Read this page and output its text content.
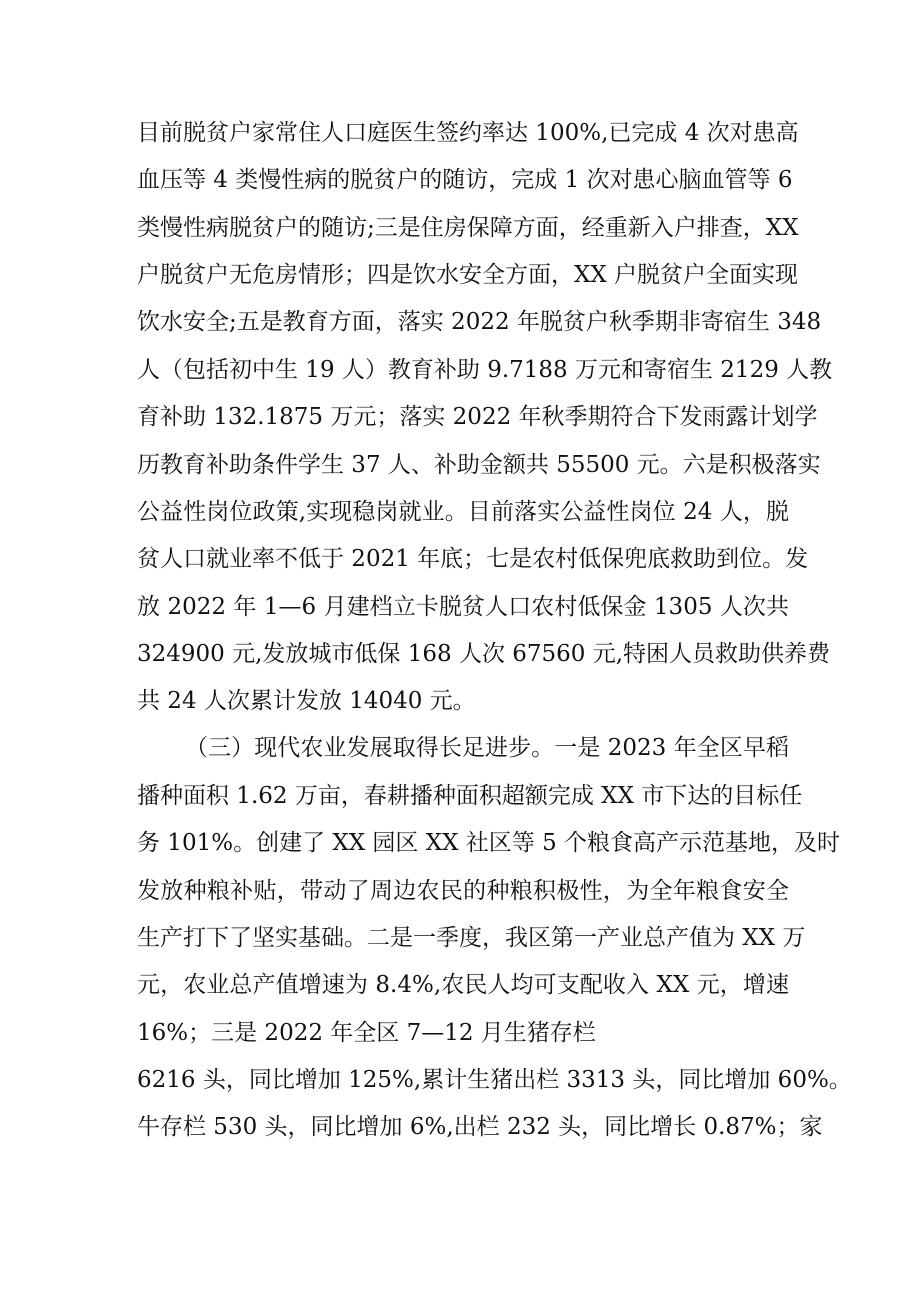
目前脱贫户家常住人口庭医生签约率达 100%,已完成 4 次对患高
血压等 4 类慢性病的脱贫户的随访，完成 1 次对患心脑血管等 6
类慢性病脱贫户的随访;三是住房保障方面，经重新入户排查，XX
户脱贫户无危房情形；四是饮水安全方面，XX 户脱贫户全面实现
饮水安全;五是教育方面，落实 2022 年脱贫户秋季期非寄宿生 348
人（包括初中生 19 人）教育补助 9.7188 万元和寄宿生 2129 人教
育补助 132.1875 万元；落实 2022 年秋季期符合下发雨露计划学
历教育补助条件学生 37 人、补助金额共 55500 元。六是积极落实
公益性岗位政策,实现稳岗就业。目前落实公益性岗位 24 人，脱
贫人口就业率不低于 2021 年底；七是农村低保兜底救助到位。发
放 2022 年 1—6 月建档立卡脱贫人口农村低保金 1305 人次共
324900 元,发放城市低保 168 人次 67560 元,特困人员救助供养费
共 24 人次累计发放 14040 元。
（三）现代农业发展取得长足进步。一是 2023 年全区早稻
播种面积 1.62 万亩，春耕播种面积超额完成 XX 市下达的目标任
务 101%。创建了 XX 园区 XX 社区等 5 个粮食高产示范基地，及时
发放种粮补贴，带动了周边农民的种粮积极性，为全年粮食安全
生产打下了坚实基础。二是一季度，我区第一产业总产值为 XX 万
元，农业总产值增速为 8.4%,农民人均可支配收入 XX 元，增速
16%；三是 2022 年全区 7—12 月生猪存栏
6216 头，同比增加 125%,累计生猪出栏 3313 头，同比增加 60%。
牛存栏 530 头，同比增加 6%,出栏 232 头，同比增长 0.87%；家
